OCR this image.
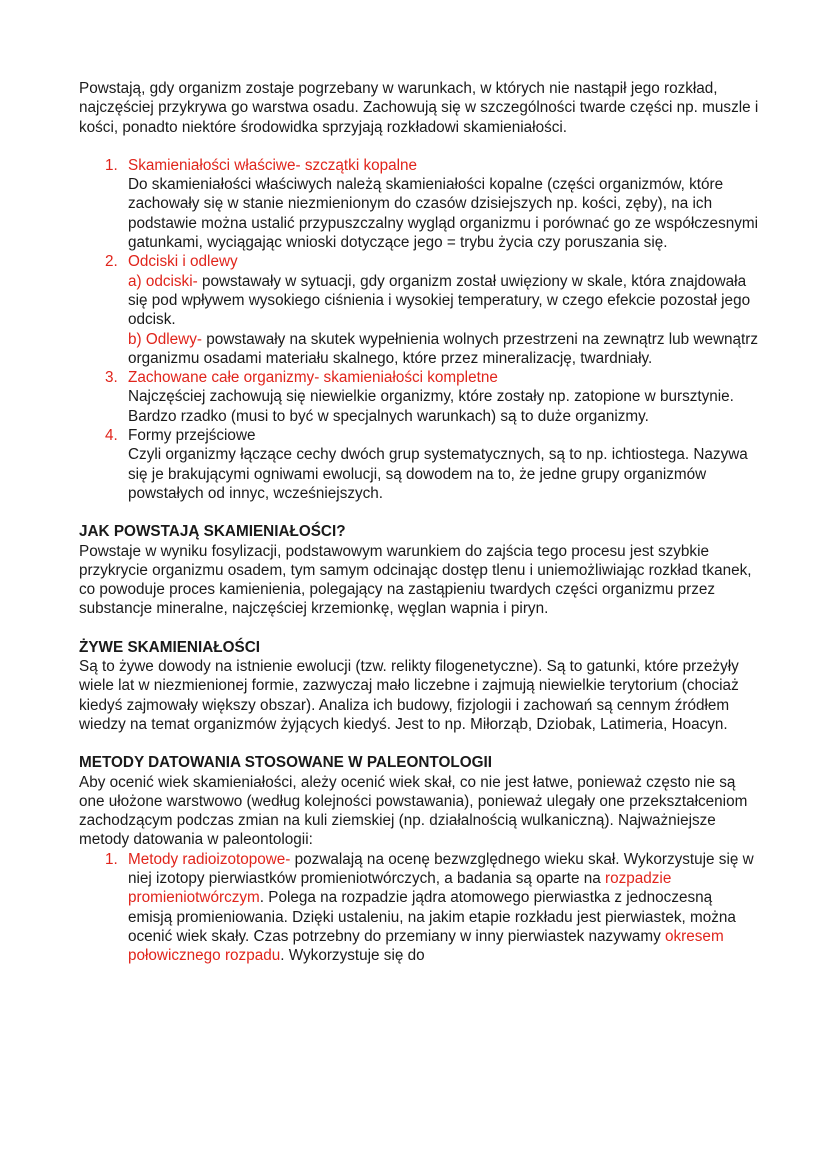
Powstają, gdy organizm zostaje pogrzebany w warunkach, w których nie nastąpił jego rozkład, najczęściej przykrywa go warstwa osadu. Zachowują się w szczególności twarde części np. muszle i kości, ponadto niektóre środowidka sprzyjają rozkładowi skamieniałości.

1. Skamieniałości właściwe- szczątki kopalne
Do skamieniałości właściwych należą skamieniałości kopalne (części organizmów, które zachowały się w stanie niezmienionym do czasów dzisiejszych np. kości, zęby), na ich podstawie można ustalić przypuszczalny wygląd organizmu i porównać go ze współczesnymi gatunkami, wyciągając wnioski dotyczące jego = trybu życia czy poruszania się.
2. Odciski i odlewy
a) odciski- powstawały w sytuacji, gdy organizm został uwięziony w skale, która znajdowała się pod wpływem wysokiego ciśnienia i wysokiej temperatury, w czego efekcie pozostał jego odcisk.
b) Odlewy- powstawały na skutek wypełnienia wolnych przestrzeni na zewnątrz lub wewnątrz organizmu osadami materiału skalnego, które przez mineralizację, twardniały.
3. Zachowane całe organizmy- skamieniałości kompletne
Najczęściej zachowują się niewielkie organizmy, które zostały np. zatopione w bursztynie. Bardzo rzadko (musi to być w specjalnych warunkach) są to duże organizmy.
4. Formy przejściowe
Czyli organizmy łączące cechy dwóch grup systematycznych, są to np. ichtiostega. Nazywa się je brakującymi ogniwami ewolucji, są dowodem na to, że jedne grupy organizmów powstałych od innyc, wcześniejszych.
JAK POWSTAJĄ SKAMIENIAŁOŚCI?

Powstaje w wyniku fosylizacji, podstawowym warunkiem do zajścia tego procesu jest szybkie przykrycie organizmu osadem, tym samym odcinając dostęp tlenu i uniemożliwiając rozkład tkanek, co powoduje proces kamienienia, polegający na zastąpieniu twardych części organizmu przez substancje mineralne, najczęściej krzemionkę, węglan wapnia i piryn.

ŻYWE SKAMIENIAŁOŚCI

Są to żywe dowody na istnienie ewolucji (tzw. relikty filogenetyczne). Są to gatunki, które przeżyły wiele lat w niezmienionej formie, zazwyczaj mało liczebne i zajmują niewielkie terytorium (chociaż kiedyś zajmowały większy obszar). Analiza ich budowy, fizjologii i zachowań są cennym źródłem wiedzy na temat organizmów żyjących kiedyś. Jest to np. Miłorząb, Dziobak, Latimeria, Hoacyn.

METODY DATOWANIA STOSOWANE W PALEONTOLOGII

Aby ocenić wiek skamieniałości, ależy ocenić wiek skał, co nie jest łatwe, ponieważ często nie są one ułożone warstwowo (według kolejności powstawania), ponieważ ulegały one przekształceniom zachodzącym podczas zmian na kuli ziemskiej (np. działalnością wulkaniczną). Najważniejsze metody datowania w paleontologii:

1. Metody radioizotopowe- pozwalają na ocenę bezwzględnego wieku skał. Wykorzystuje się w niej izotopy pierwiastków promieniotwórczych, a badania są oparte na rozpadzie promieniotwórczym. Polega na rozpadzie jądra atomowego pierwiastka z jednoczesną emisją promieniowania. Dzięki ustaleniu, na jakim etapie rozkładu jest pierwiastek, można ocenić wiek skały. Czas potrzebny do przemiany w inny pierwiastek nazywamy okresem połowicznego rozpadu. Wykorzystuje się do
